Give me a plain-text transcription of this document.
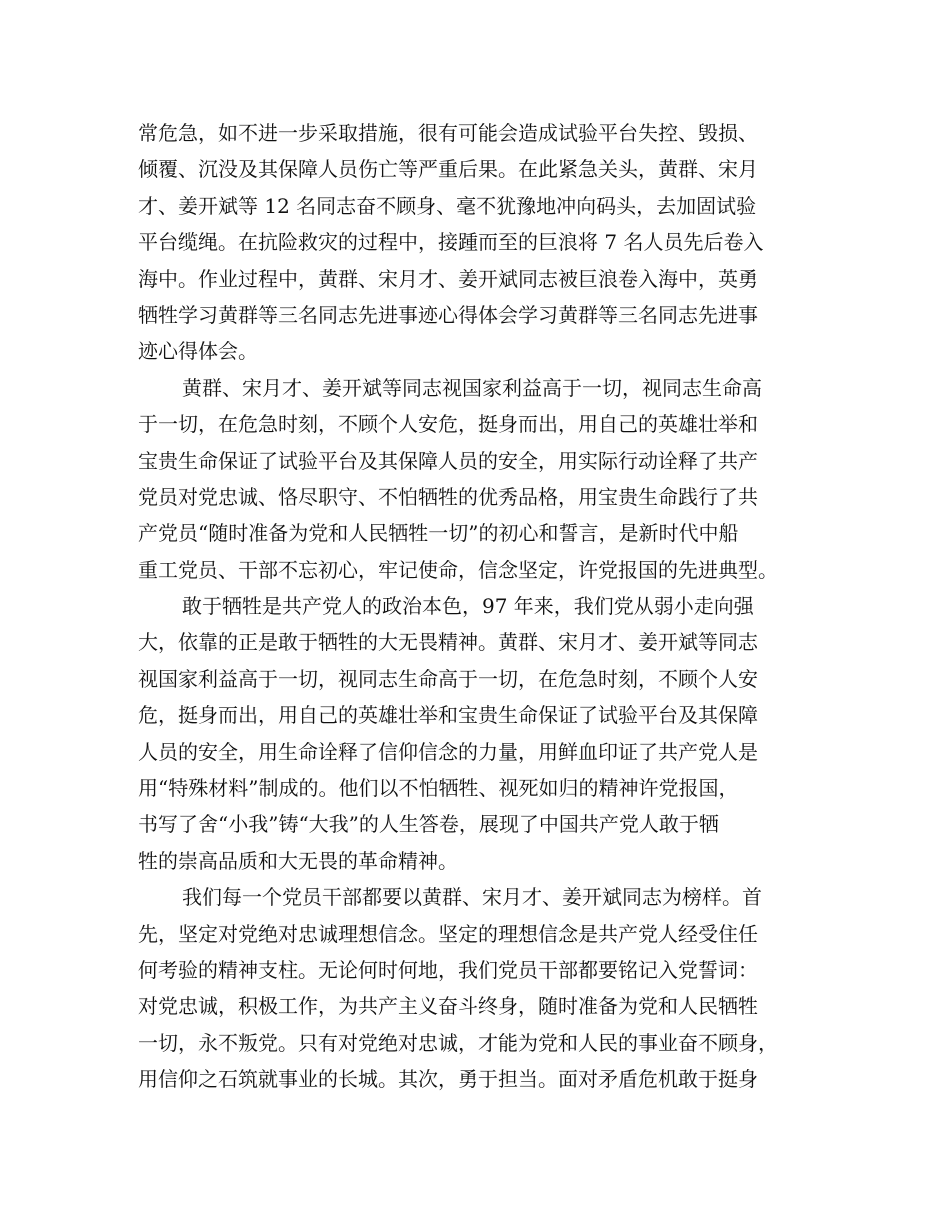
常危急，如不进一步采取措施，很有可能会造成试验平台失控、毁损、
倾覆、沉没及其保障人员伤亡等严重后果。在此紧急关头，黄群、宋月
才、姜开斌等 12 名同志奋不顾身、毫不犹豫地冲向码头，去加固试验
平台缆绳。在抗险救灾的过程中，接踵而至的巨浪将 7 名人员先后卷入
海中。作业过程中，黄群、宋月才、姜开斌同志被巨浪卷入海中，英勇
牺牲学习黄群等三名同志先进事迹心得体会学习黄群等三名同志先进事
迹心得体会。
黄群、宋月才、姜开斌等同志视国家利益高于一切，视同志生命高
于一切，在危急时刻，不顾个人安危，挺身而出，用自己的英雄壮举和
宝贵生命保证了试验平台及其保障人员的安全，用实际行动诠释了共产
党员对党忠诚、恪尽职守、不怕牺牲的优秀品格，用宝贵生命践行了共
产党员“随时准备为党和人民牺牲一切”的初心和誓言，是新时代中船
重工党员、干部不忘初心，牢记使命，信念坚定，许党报国的先进典型。
敢于牺牲是共产党人的政治本色，97 年来，我们党从弱小走向强
大，依靠的正是敢于牺牲的大无畏精神。黄群、宋月才、姜开斌等同志
视国家利益高于一切，视同志生命高于一切，在危急时刻，不顾个人安
危，挺身而出，用自己的英雄壮举和宝贵生命保证了试验平台及其保障
人员的安全，用生命诠释了信仰信念的力量，用鲜血印证了共产党人是
用“特殊材料”制成的。他们以不怕牺牲、视死如归的精神许党报国，
书写了舍“小我”铸“大我”的人生答卷，展现了中国共产党人敢于牺
牲的崇高品质和大无畏的革命精神。
我们每一个党员干部都要以黄群、宋月才、姜开斌同志为榜样。首
先，坚定对党绝对忠诚理想信念。坚定的理想信念是共产党人经受住任
何考验的精神支柱。无论何时何地，我们党员干部都要铭记入党誓词：
对党忠诚，积极工作，为共产主义奋斗终身，随时准备为党和人民牺牲
一切，永不叛党。只有对党绝对忠诚，才能为党和人民的事业奋不顾身，
用信仰之石筑就事业的长城。其次，勇于担当。面对矛盾危机敢于挺身
